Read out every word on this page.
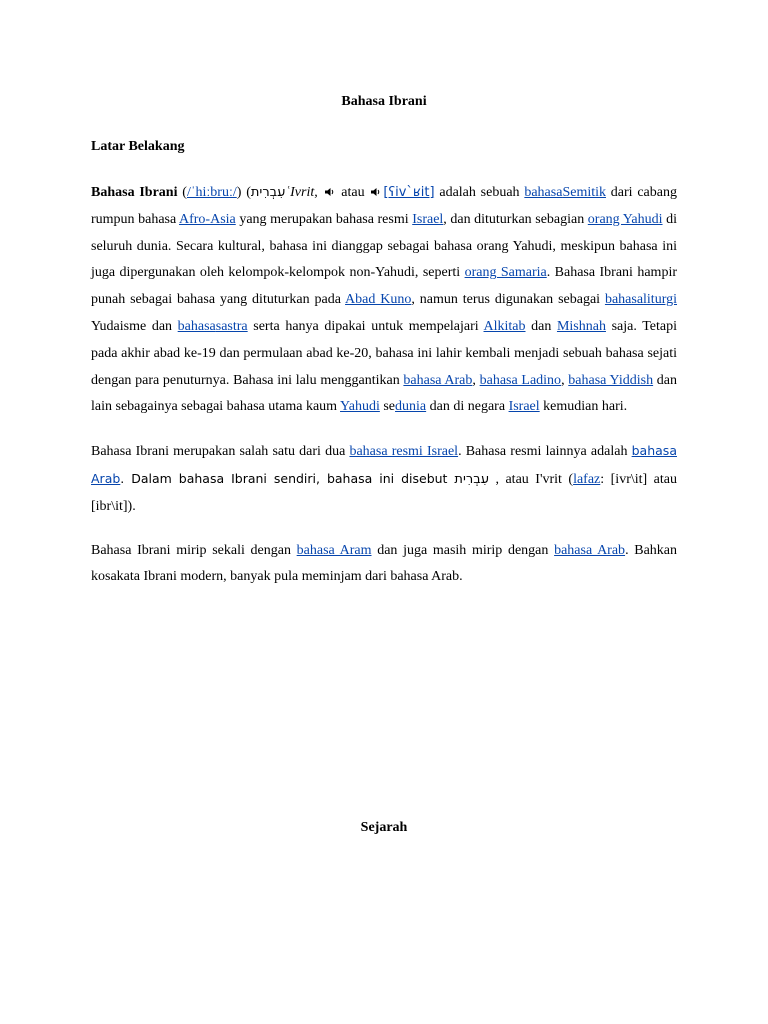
Bahasa Ibrani

Latar Belakang

Bahasa Ibrani (/ˈhiːbruː/) (עִבְרִיתʿIvrit,
atau
[ʕiv`ʁit] adalah sebuah bahasaSemitik dari cabang rumpun bahasa Afro-Asia yang merupakan bahasa resmi Israel, dan dituturkan sebagian orang Yahudi di seluruh dunia. Secara kultural, bahasa ini dianggap sebagai bahasa orang Yahudi, meskipun bahasa ini juga dipergunakan oleh kelompok-kelompok non-Yahudi, seperti orang Samaria. Bahasa Ibrani hampir punah sebagai bahasa yang dituturkan pada Abad Kuno, namun terus digunakan sebagai bahasaliturgi Yudaisme dan bahasasastra serta hanya dipakai untuk mempelajari Alkitab dan Mishnah saja. Tetapi pada akhir abad ke-19 dan permulaan abad ke-20, bahasa ini lahir kembali menjadi sebuah bahasa sejati dengan para penuturnya. Bahasa ini lalu menggantikan bahasa Arab, bahasa Ladino, bahasa Yiddish dan lain sebagainya sebagai bahasa utama kaum Yahudi sedunia dan di negara Israel kemudian hari.

Bahasa Ibrani merupakan salah satu dari dua bahasa resmi Israel. Bahasa resmi lainnya adalah bahasa Arab. Dalam bahasa Ibrani sendiri, bahasa ini disebut עִבְרִית , atau I'vrit (lafaz: [ivr\it] atau [ibr\it]).

Bahasa Ibrani mirip sekali dengan bahasa Aram dan juga masih mirip dengan bahasa Arab. Bahkan kosakata Ibrani modern, banyak pula meminjam dari bahasa Arab.

Sejarah
